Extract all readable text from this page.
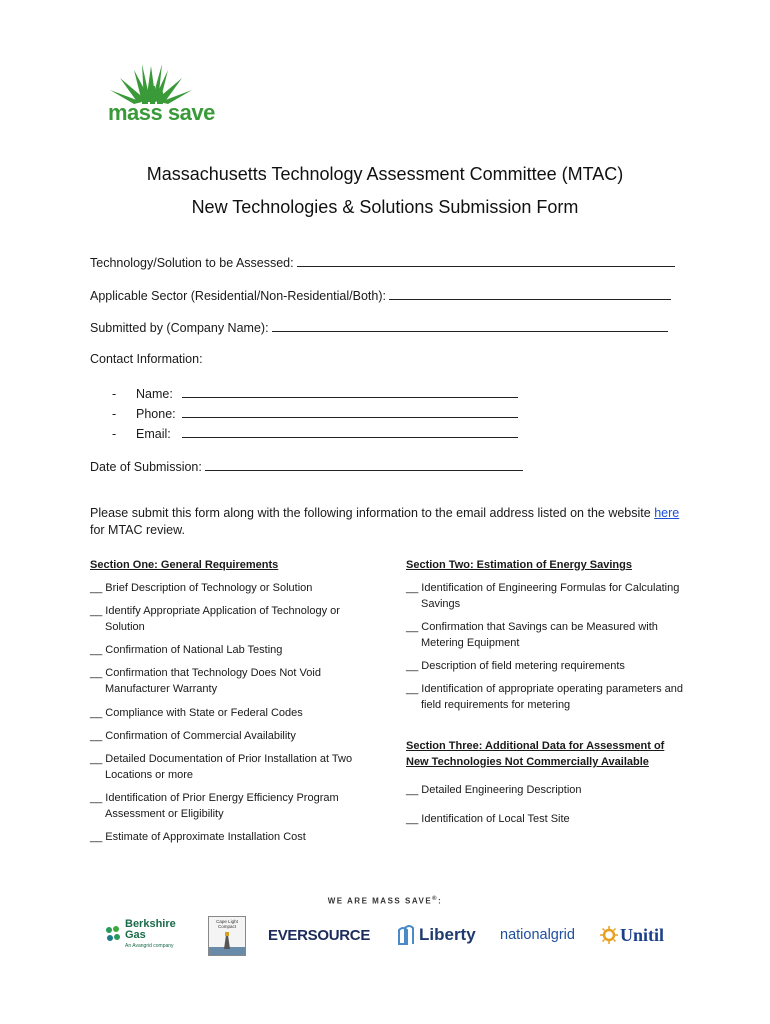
mass save
Massachusetts Technology Assessment Committee (MTAC)
New Technologies & Solutions Submission Form
Technology/Solution to be Assessed:
Applicable Sector (Residential/Non-Residential/Both):
Submitted by (Company Name):
Contact Information:
- Name:
- Phone:
- Email:
Date of Submission:
Please submit this form along with the following information to the email address listed on the website here for MTAC review.
Section One: General Requirements
__ Brief Description of Technology or Solution
__ Identify Appropriate Application of Technology or Solution
__ Confirmation of National Lab Testing
__ Confirmation that Technology Does Not Void Manufacturer Warranty
__ Compliance with State or Federal Codes
__ Confirmation of Commercial Availability
__ Detailed Documentation of Prior Installation at Two Locations or more
__ Identification of Prior Energy Efficiency Program Assessment or Eligibility
__ Estimate of Approximate Installation Cost
Section Two: Estimation of Energy Savings
__ Identification of Engineering Formulas for Calculating Savings
__ Confirmation that Savings can be Measured with Metering Equipment
__ Description of field metering requirements
__ Identification of appropriate operating parameters and field requirements for metering
Section Three: Additional Data for Assessment of New Technologies Not Commercially Available
__ Detailed Engineering Description
__ Identification of Local Test Site
WE ARE MASS SAVE®:
Berkshire
Gas
An Avangrid company
Cape Light Compact	EVERSOURCE	Liberty nationalgrid	Unitil
